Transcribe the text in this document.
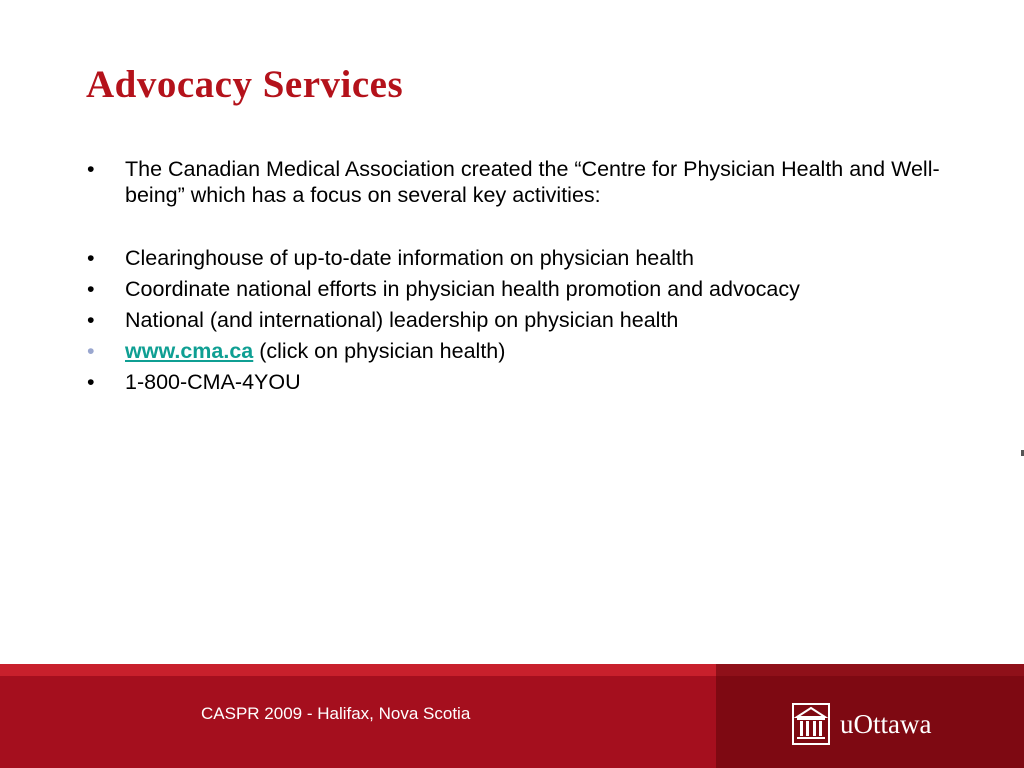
Advocacy Services
•	The Canadian Medical Association created the “Centre for Physician Health and Well-being” which has a focus on several key activities:
•	Clearinghouse of up-to-date information on physician health
•	Coordinate national efforts in physician health promotion and advocacy
•	National (and international) leadership on physician health
•	www.cma.ca (click on physician health)
•	1-800-CMA-4YOU
CASPR 2009 - Halifax, Nova Scotia	uOttawa
